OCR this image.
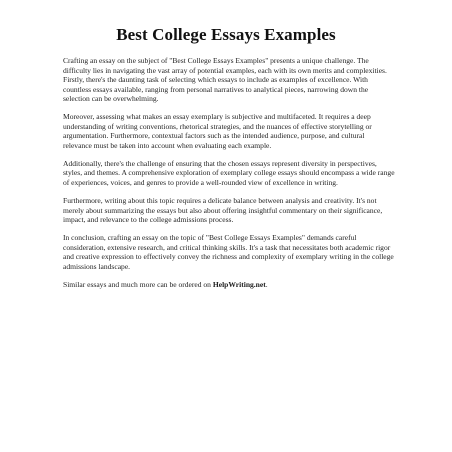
Best College Essays Examples

Crafting an essay on the subject of "Best College Essays Examples" presents a unique challenge. The difficulty lies in navigating the vast array of potential examples, each with its own merits and complexities. Firstly, there's the daunting task of selecting which essays to include as examples of excellence. With countless essays available, ranging from personal narratives to analytical pieces, narrowing down the selection can be overwhelming.

Moreover, assessing what makes an essay exemplary is subjective and multifaceted. It requires a deep understanding of writing conventions, rhetorical strategies, and the nuances of effective storytelling or argumentation. Furthermore, contextual factors such as the intended audience, purpose, and cultural relevance must be taken into account when evaluating each example.

Additionally, there's the challenge of ensuring that the chosen essays represent diversity in perspectives, styles, and themes. A comprehensive exploration of exemplary college essays should encompass a wide range of experiences, voices, and genres to provide a well-rounded view of excellence in writing.

Furthermore, writing about this topic requires a delicate balance between analysis and creativity. It's not merely about summarizing the essays but also about offering insightful commentary on their significance, impact, and relevance to the college admissions process.

In conclusion, crafting an essay on the topic of "Best College Essays Examples" demands careful consideration, extensive research, and critical thinking skills. It's a task that necessitates both academic rigor and creative expression to effectively convey the richness and complexity of exemplary writing in the college admissions landscape.

Similar essays and much more can be ordered on HelpWriting.net.
